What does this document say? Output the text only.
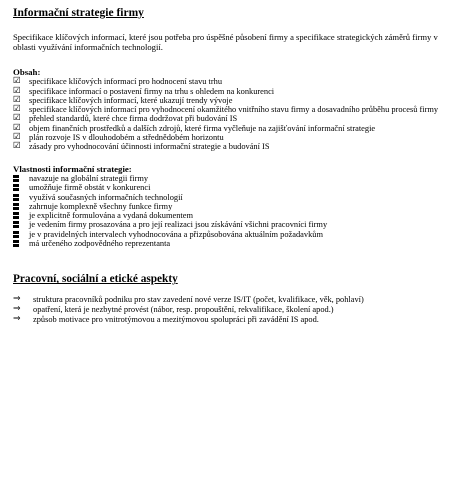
Informační strategie firmy
Specifikace klíčových informací, které jsou potřeba pro úspěšné působení firmy a specifikace strategických záměrů firmy v oblasti využívání informačních technologií.
Obsah:
☑ specifikace klíčových informací pro hodnocení stavu trhu
☑ specifikace informací o postavení firmy na trhu s ohledem na konkurenci
☑ specifikace klíčových informací, které ukazují trendy vývoje
☑ specifikace klíčových informací pro vyhodnocení okamžitého vnitřního stavu firmy a dosavadního průběhu procesů firmy
☑ přehled standardů, které chce firma dodržovat při budování IS
☑ objem finančních prostředků a dalších zdrojů, které firma vyčleňuje na zajišťování informační strategie
☑ plán rozvoje IS v dlouhodobém a střednědobém horizontu
☑ zásady pro vyhodnocování účinnosti informační strategie a budování IS
Vlastnosti informační strategie:
navazuje na globální strategii firmy
umožňuje firmě obstát v konkurenci
využívá současných informačních technologií
zahrnuje komplexně všechny funkce firmy
je explicitně formulována a vydaná dokumentem
je vedením firmy prosazována a pro její realizaci jsou získávání všichni pracovníci firmy
je v pravidelných intervalech vyhodnocována a přizpůsobována aktuálním požadavkům
má určeného zodpovědného reprezentanta
Pracovní, sociální a etické aspekty
⇒	struktura pracovníků podniku pro stav zavedení nové verze IS/IT (počet, kvalifikace, věk, pohlaví)
⇒	opatření, která je nezbytné provést (nábor, resp. propouštění, rekvalifikace, školení apod.)
⇒	způsob motivace pro vnitrotýmovou a mezitýmovou spolupráci při zavádění IS apod.
